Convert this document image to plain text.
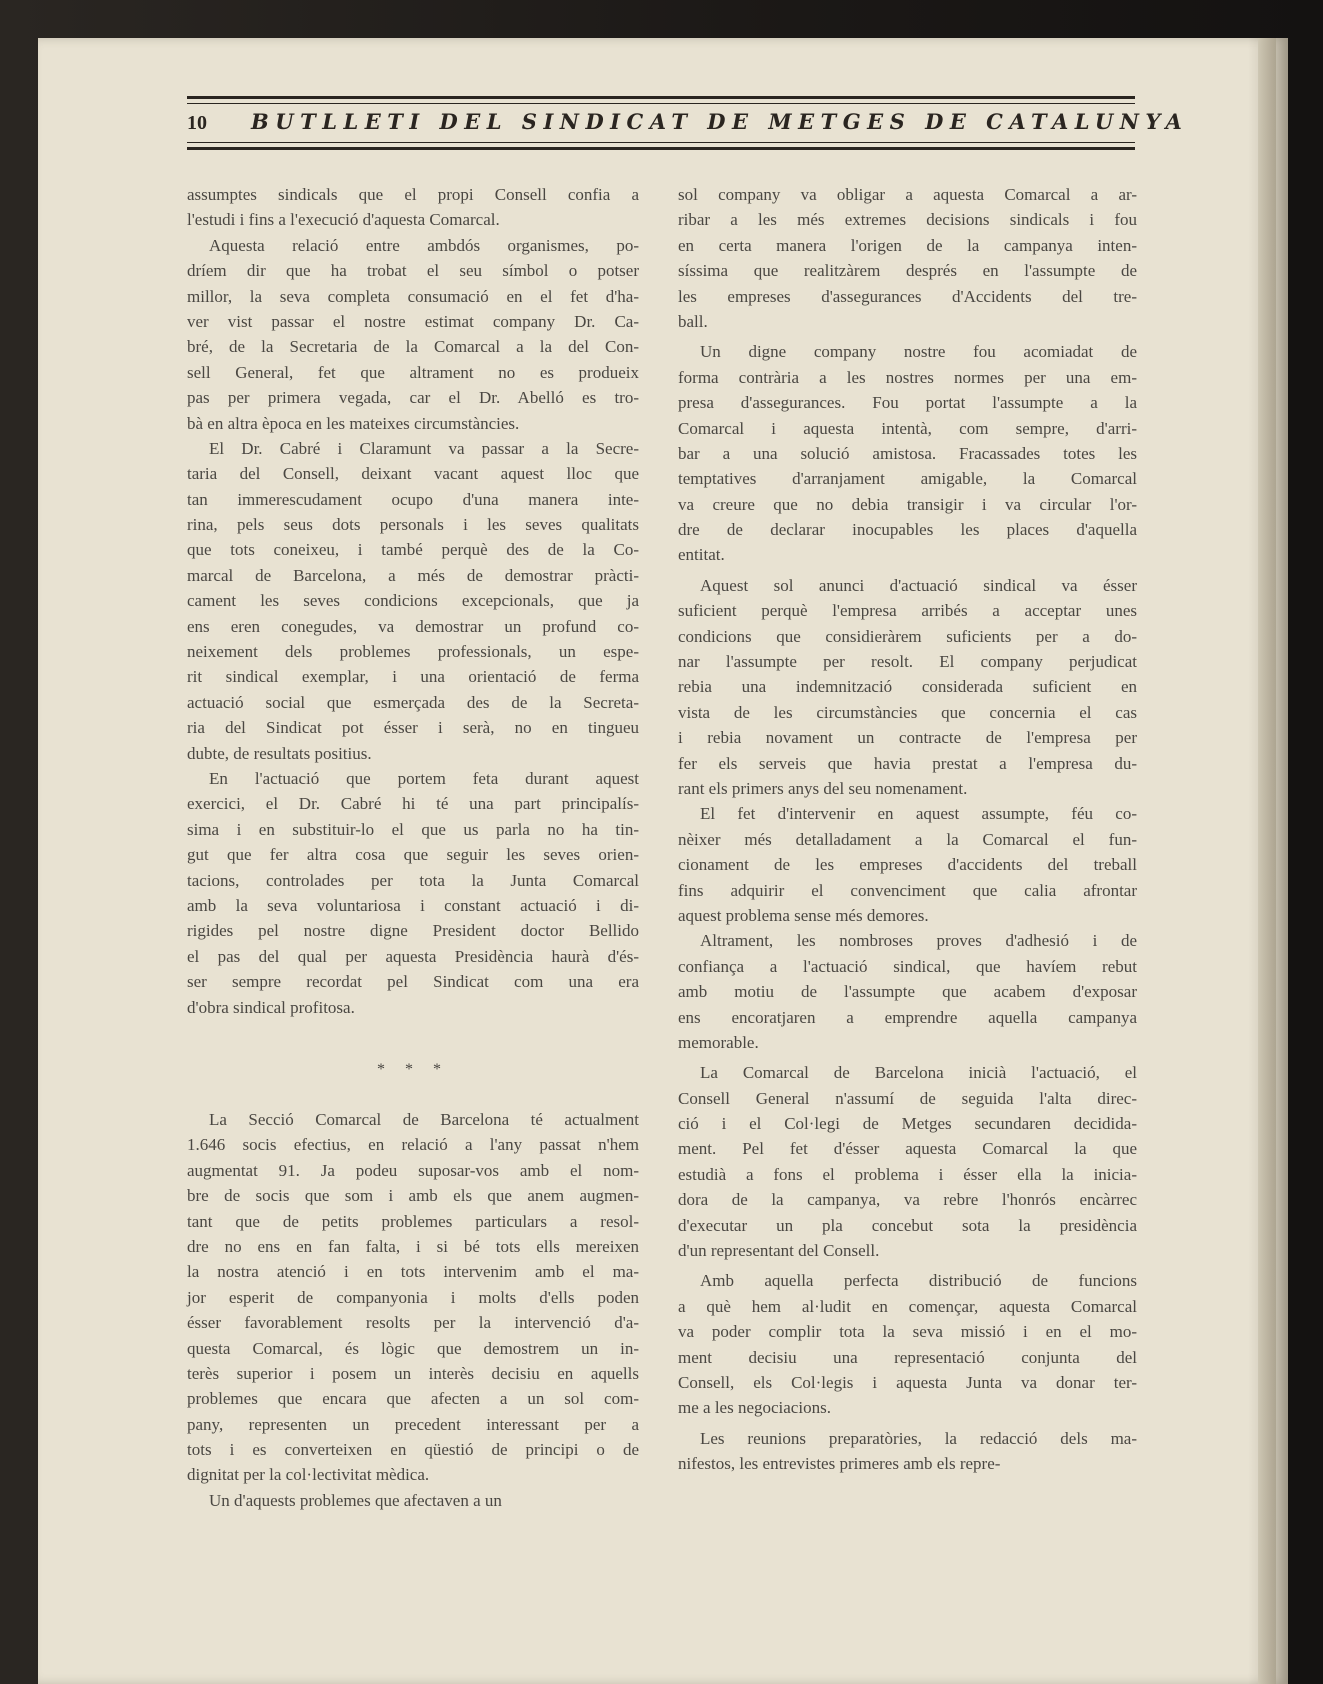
10 BUTLLETI DEL SINDICAT DE METGES DE CATALUNYA
assumptes sindicals que el propi Consell confia a
l'estudi i fins a l'execució d'aquesta Comarcal.
Aquesta relació entre ambdós organismes, po-
dríem dir que ha trobat el seu símbol o potser
millor, la seva completa consumació en el fet d'ha-
ver vist passar el nostre estimat company Dr. Ca-
bré, de la Secretaria de la Comarcal a la del Con-
sell General, fet que altrament no es produeix
pas per primera vegada, car el Dr. Abelló es tro-
bà en altra època en les mateixes circumstàncies.
El Dr. Cabré i Claramunt va passar a la Secre-
taria del Consell, deixant vacant aquest lloc que
tan immerescudament ocupo d'una manera inte-
rina, pels seus dots personals i les seves qualitats
que tots coneixeu, i també perquè des de la Co-
marcal de Barcelona, a més de demostrar pràcti-
cament les seves condicions excepcionals, que ja
ens eren conegudes, va demostrar un profund co-
neixement dels problemes professionals, un espe-
rit sindical exemplar, i una orientació de ferma
actuació social que esmerçada des de la Secreta-
ria del Sindicat pot ésser i serà, no en tingueu
dubte, de resultats positius.
En l'actuació que portem feta durant aquest
exercici, el Dr. Cabré hi té una part principalís-
sima i en substituir-lo el que us parla no ha tin-
gut que fer altra cosa que seguir les seves orien-
tacions, controlades per tota la Junta Comarcal
amb la seva voluntariosa i constant actuació i di-
rigides pel nostre digne President doctor Bellido
el pas del qual per aquesta Presidència haurà d'és-
ser sempre recordat pel Sindicat com una era
d'obra sindical profitosa.
* * *
La Secció Comarcal de Barcelona té actualment
1.646 socis efectius, en relació a l'any passat n'hem
augmentat 91. Ja podeu suposar-vos amb el nom-
bre de socis que som i amb els que anem augmen-
tant que de petits problemes particulars a resol-
dre no ens en fan falta, i si bé tots ells mereixen
la nostra atenció i en tots intervenim amb el ma-
jor esperit de companyonia i molts d'ells poden
ésser favorablement resolts per la intervenció d'a-
questa Comarcal, és lògic que demostrem un in-
terès superior i posem un interès decisiu en aquells
problemes que encara que afecten a un sol com-
pany, representen un precedent interessant per a
tots i es converteixen en qüestió de principi o de
dignitat per la col·lectivitat mèdica.
Un d'aquests problemes que afectaven a un
sol company va obligar a aquesta Comarcal a ar-
ribar a les més extremes decisions sindicals i fou
en certa manera l'origen de la campanya inten-
síssima que realitzàrem després en l'assumpte de
les empreses d'assegurances d'Accidents del tre-
ball.
Un digne company nostre fou acomiadat de
forma contrària a les nostres normes per una em-
presa d'assegurances. Fou portat l'assumpte a la
Comarcal i aquesta intentà, com sempre, d'arri-
bar a una solució amistosa. Fracassades totes les
temptatives d'arranjament amigable, la Comarcal
va creure que no debia transigir i va circular l'or-
dre de declarar inocupables les places d'aquella
entitat.
Aquest sol anunci d'actuació sindical va ésser
suficient perquè l'empresa arribés a acceptar unes
condicions que considieràrem suficients per a do-
nar l'assumpte per resolt. El company perjudicat
rebia una indemnització considerada suficient en
vista de les circumstàncies que concernia el cas
i rebia novament un contracte de l'empresa per
fer els serveis que havia prestat a l'empresa du-
rant els primers anys del seu nomenament.
El fet d'intervenir en aquest assumpte, féu co-
nèixer més detalladament a la Comarcal el fun-
cionament de les empreses d'accidents del treball
fins adquirir el convenciment que calia afrontar
aquest problema sense més demores.
Altrament, les nombroses proves d'adhesió i de
confiança a l'actuació sindical, que havíem rebut
amb motiu de l'assumpte que acabem d'exposar
ens encoratjaren a emprendre aquella campanya
memorable.
La Comarcal de Barcelona inicià l'actuació, el
Consell General n'assumí de seguida l'alta direc-
ció i el Col·legi de Metges secundaren decidida-
ment. Pel fet d'ésser aquesta Comarcal la que
estudià a fons el problema i ésser ella la inicia-
dora de la campanya, va rebre l'honrós encàrrec
d'executar un pla concebut sota la presidència
d'un representant del Consell.
Amb aquella perfecta distribució de funcions
a què hem al·ludit en començar, aquesta Comarcal
va poder complir tota la seva missió i en el mo-
ment decisiu una representació conjunta del
Consell, els Col·legis i aquesta Junta va donar ter-
me a les negociacions.
Les reunions preparatòries, la redacció dels ma-
nifestos, les entrevistes primeres amb els repre-
